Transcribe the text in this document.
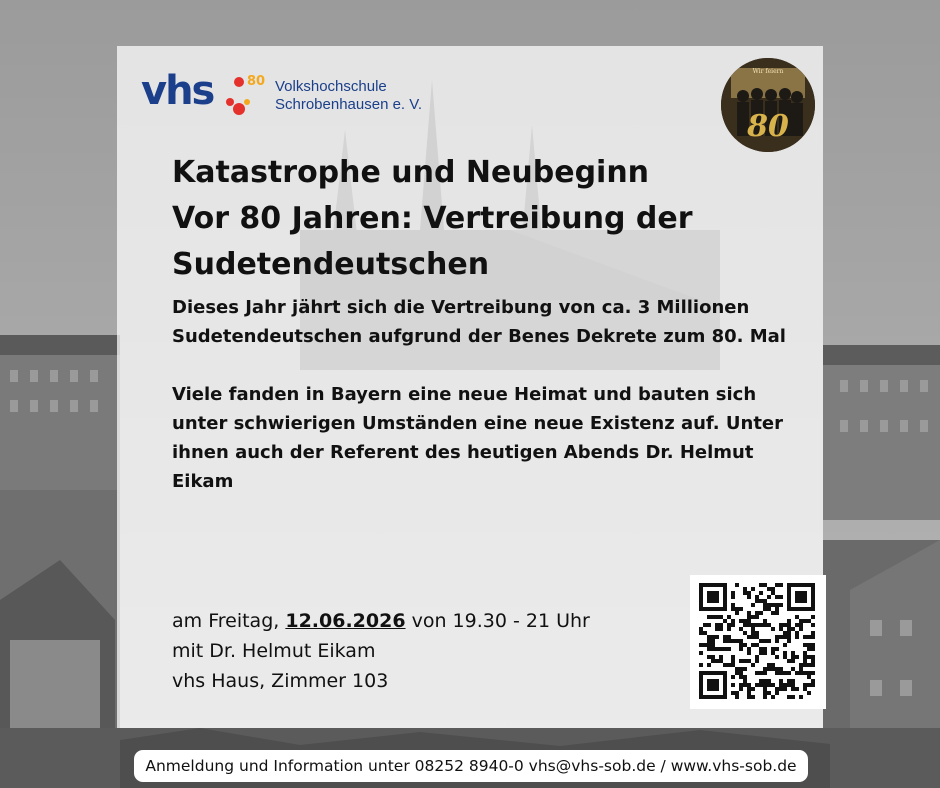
vhs	80 Volkshochschule
Schrobenhausen e. V.
Wir feiern
80
Katastrophe und Neubeginn
Vor 80 Jahren: Vertreibung der
Sudetendeutschen

Dieses Jahr jährt sich die Vertreibung von ca. 3 Millionen Sudetendeutschen aufgrund der Benes Dekrete zum 80. Mal

Viele fanden in Bayern eine neue Heimat und bauten sich unter schwierigen Umständen eine neue Existenz auf. Unter ihnen auch der Referent des heutigen Abends Dr. Helmut Eikam

am Freitag, 12.06.2026 von 19.30 - 21 Uhr
mit Dr. Helmut Eikam
vhs Haus, Zimmer 103
Anmeldung und Information unter 08252 8940-0 vhs@vhs-sob.de / www.vhs-sob.de
